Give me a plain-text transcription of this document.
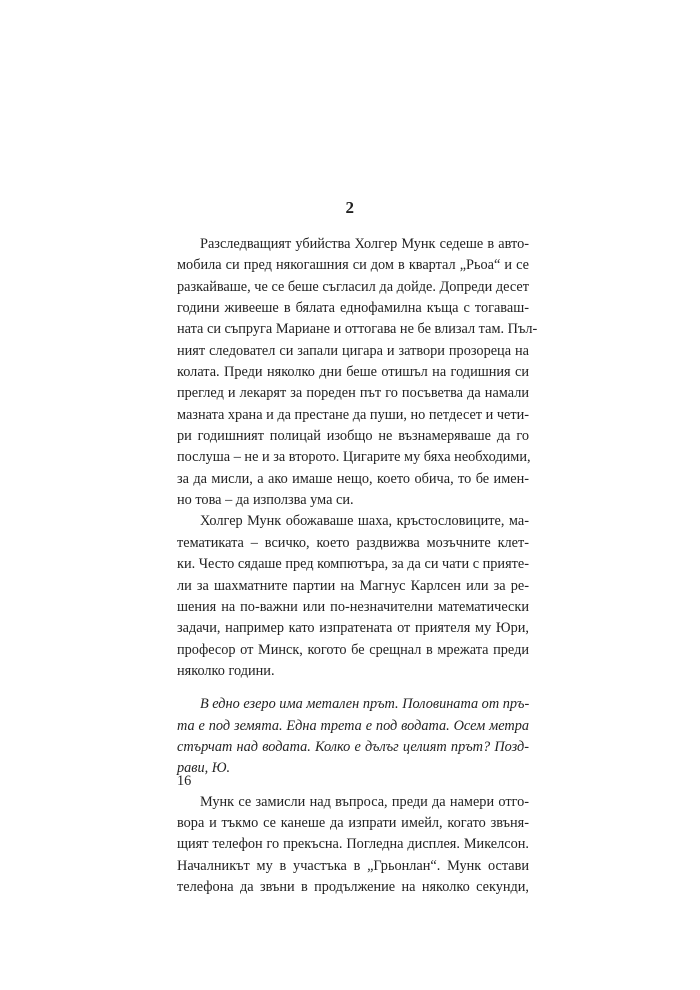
2
Разследващият убийства Холгер Мунк седеше в авто-
мобила си пред някогашния си дом в квартал „Рьоа“ и се
разкайваше, че се беше съгласил да дойде. Допреди десет
години живееше в бялата еднофамилна къща с тогаваш-
ната си съпруга Мариане и оттогава не бе влизал там. Пъл-
ният следовател си запали цигара и затвори прозореца на
колата. Преди няколко дни беше отишъл на годишния си
преглед и лекарят за пореден път го посъветва да намали
мазната храна и да престане да пуши, но петдесет и чети-
ри годишният полицай изобщо не възнамеряваше да го
послуша – не и за второто. Цигарите му бяха необходими,
за да мисли, а ако имаше нещо, което обича, то бе имен-
но това – да използва ума си.
Холгер Мунк обожаваше шаха, кръстословиците, ма-
тематиката – всичко, което раздвижва мозъчните клет-
ки. Често сядаше пред компютъра, за да си чати с приятe-
ли за шахматните партии на Магнус Карлсен или за ре-
шения на по-важни или по-незначителни математически
задачи, например като изпратената от приятеля му Юри,
професор от Минск, когото бе срещнал в мрежата преди
няколко години.
В едно езеро има метален прът. Половината от пръ-
та е под земята. Една трета е под водата. Осем метра
стърчат над водата. Колко е дълъг целият прът? Позд-
рави, Ю.
Мунк се замисли над въпроса, преди да намери отго-
вора и тъкмо се канеше да изпрати имейл, когато звъня-
щият телефон го прекъсна. Погледна дисплея. Микелсон.
Началникът му в участъка в „Грьонлан“. Мунк остави
телефона да звъни в продължение на няколко секунди,
16
